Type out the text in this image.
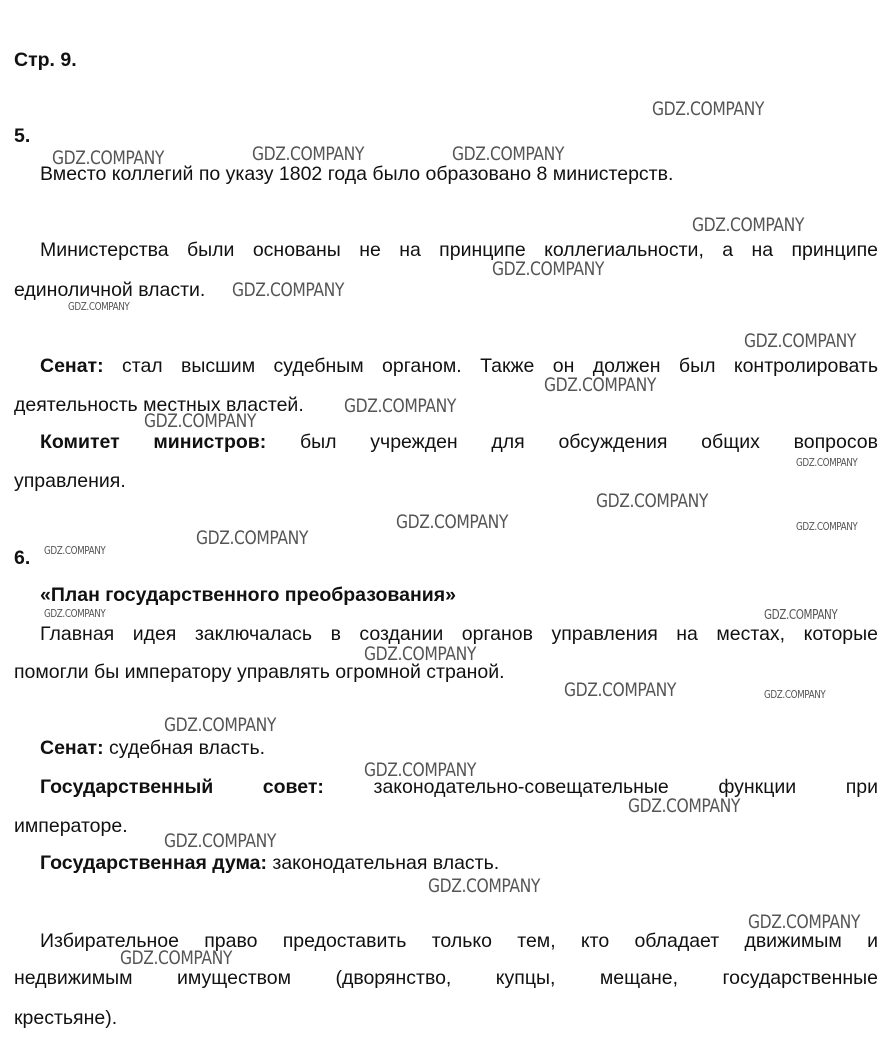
Стр. 9.
5.
Вместо коллегий по указу 1802 года было образовано 8 министерств.
Министерства были основаны не на принципе коллегиальности, а на принципе
единоличной власти.
Сенат: стал высшим судебным органом. Также он должен был контролировать
деятельность местных властей.
Комитет министров: был учрежден для обсуждения общих вопросов
управления.
6.
«План государственного преобразования»
Главная идея заключалась в создании органов управления на местах, которые
помогли бы императору управлять огромной страной.
Сенат: судебная власть.
Государственный совет:	законодательно-совещательные функции при
императоре.
Государственная дума: законодательная власть.
Избирательное право предоставить только тем, кто обладает движимым и
недвижимым имуществом (дворянство, купцы, мещане, государственные
крестьяне).
GDZ.COMPANY
GDZ.COMPANY	GDZ.COMPANY	GDZ.COMPANY
GDZ.COMPANY
GDZ.COMPANY
GDZ.COMPANY
GDZ.COMPANY
GDZ.COMPANY
GDZ.COMPANY
GDZ.COMPANY
GDZ.COMPANY
GDZ.COMPANY
GDZ.COMPANY
GDZ.COMPANY	GDZ.COMPANY
GDZ.COMPANY
GDZ.COMPANY
GDZ.COMPANY	GDZ.COMPANY
GDZ.COMPANY
GDZ.COMPANY	GDZ.COMPANY
GDZ.COMPANY
GDZ.COMPANY
GDZ.COMPANY
GDZ.COMPANY
GDZ.COMPANY
GDZ.COMPANY
GDZ.COMPANY
